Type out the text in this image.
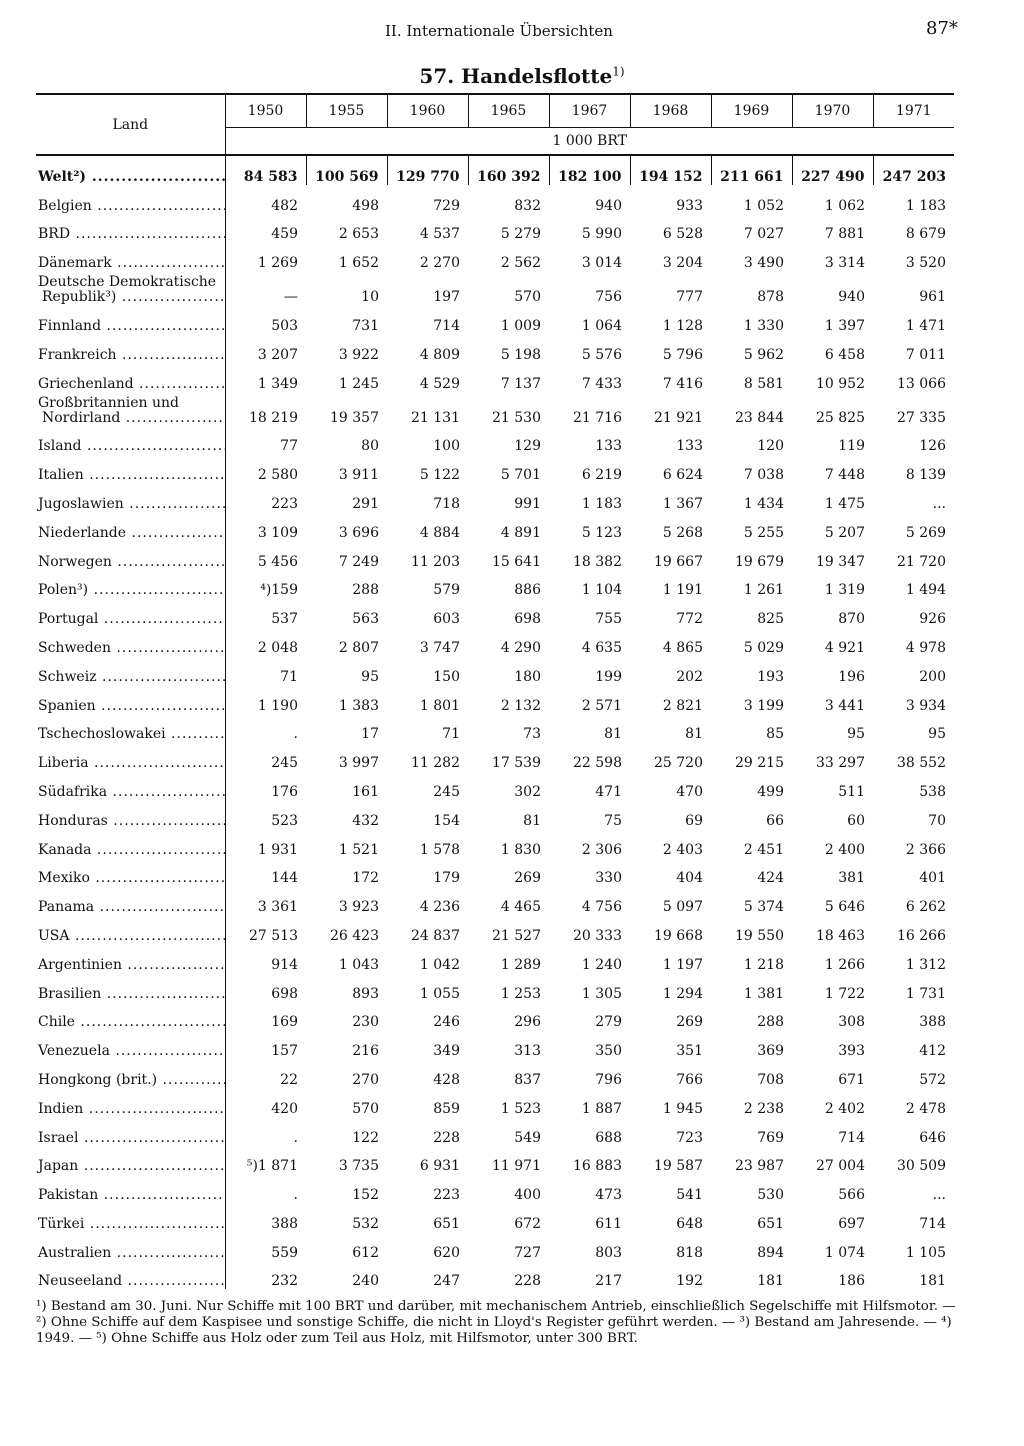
II. Internationale Übersichten	87*
57. Handelsflotte$^{1)}$
Land	1950	1955	1960	1965	1967	1968	1969	1970	1971
	1 000 BRT								

Welt²) .....	84 583	100 569	129 770	160 392	182 100	194 152	211 661	227 490	247 203

Belgien .....	482	498	729	832	940	933	1 052	1 062	1 183

BRD .....	459	2 653	4 537	5 279	5 990	6 528	7 027	7 881	8 679

Dänemark .....	1 269	1 652	2 270	2 562	3 014	3 204	3 490	3 314	3 520

Deutsche Demokratische
Republik³) .....	—	10	197	570	756	777	878	940	961

Finnland .....	503	731	714	1 009	1 064	1 128	1 330	1 397	1 471

Frankreich .....	3 207	3 922	4 809	5 198	5 576	5 796	5 962	6 458	7 011

Griechenland .....	1 349	1 245	4 529	7 137	7 433	7 416	8 581	10 952	13 066

Großbritannien und
Nordirland .....	18 219	19 357	21 131	21 530	21 716	21 921	23 844	25 825	27 335

Island .....	77	80	100	129	133	133	120	119	126

Italien .....	2 580	3 911	5 122	5 701	6 219	6 624	7 038	7 448	8 139

Jugoslawien .....	223	291	718	991	1 183	1 367	1 434	1 475	...

Niederlande .....	3 109	3 696	4 884	4 891	5 123	5 268	5 255	5 207	5 269

Norwegen .....	5 456	7 249	11 203	15 641	18 382	19 667	19 679	19 347	21 720

Polen³) .....	⁴)159	288	579	886	1 104	1 191	1 261	1 319	1 494

Portugal .....	537	563	603	698	755	772	825	870	926

Schweden .....	2 048	2 807	3 747	4 290	4 635	4 865	5 029	4 921	4 978

Schweiz .....	71	95	150	180	199	202	193	196	200

Spanien .....	1 190	1 383	1 801	2 132	2 571	2 821	3 199	3 441	3 934

Tschechoslowakei .....	.	17	71	73	81	81	85	95	95

Liberia .....	245	3 997	11 282	17 539	22 598	25 720	29 215	33 297	38 552

Südafrika .....	176	161	245	302	471	470	499	511	538

Honduras .....	523	432	154	81	75	69	66	60	70

Kanada .....	1 931	1 521	1 578	1 830	2 306	2 403	2 451	2 400	2 366

Mexiko .....	144	172	179	269	330	404	424	381	401

Panama .....	3 361	3 923	4 236	4 465	4 756	5 097	5 374	5 646	6 262

USA .....	27 513	26 423	24 837	21 527	20 333	19 668	19 550	18 463	16 266

Argentinien .....	914	1 043	1 042	1 289	1 240	1 197	1 218	1 266	1 312

Brasilien .....	698	893	1 055	1 253	1 305	1 294	1 381	1 722	1 731

Chile .....	169	230	246	296	279	269	288	308	388

Venezuela .....	157	216	349	313	350	351	369	393	412

Hongkong (brit.) .....	22	270	428	837	796	766	708	671	572

Indien .....	420	570	859	1 523	1 887	1 945	2 238	2 402	2 478

Israel .....	.	122	228	549	688	723	769	714	646

Japan .....	⁵)1 871	3 735	6 931	11 971	16 883	19 587	23 987	27 004	30 509

Pakistan .....	.	152	223	400	473	541	530	566	...

Türkei .....	388	532	651	672	611	648	651	697	714

Australien .....	559	612	620	727	803	818	894	1 074	1 105

Neuseeland .....	232	240	247	228	217	192	181	186	181
¹) Bestand am 30. Juni. Nur Schiffe mit 100 BRT und darüber, mit mechanischem Antrieb, einschließlich Segelschiffe mit Hilfsmotor. — ²) Ohne Schiffe auf dem Kaspisee und sonstige Schiffe, die nicht in Lloyd's Register geführt werden. — ³) Bestand am Jahresende. — ⁴) 1949. — ⁵) Ohne Schiffe aus Holz oder zum Teil aus Holz, mit Hilfsmotor, unter 300 BRT.
